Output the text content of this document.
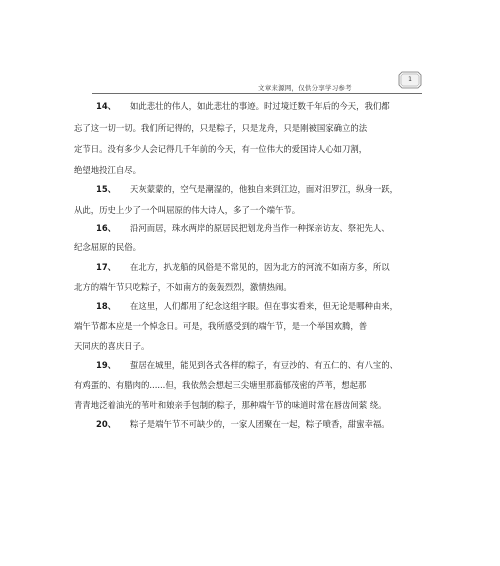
文章来源网，仅供分享学习参考
1
14、 如此悲壮的伟人，如此悲壮的事迹。时过境迁数千年后的今天，我们都
忘了这一切一切。我们所记得的，只是粽子，只是龙舟，只是刚被国家确立的法
定节日。没有多少人会记得几千年前的今天，有一位伟大的爱国诗人心如刀割，
绝望地投江自尽。
15、 天灰蒙蒙的，空气是潮湿的，他独自来到江边，面对汨罗江，纵身一跃，
从此，历史上少了一个叫屈原的伟大诗人，多了一个端午节。
16、 沿河而居，珠水两岸的原居民把划龙舟当作一种探亲访友、祭祀先人、
纪念屈原的民俗。
17、 在北方，扒龙船的风俗是不常见的，因为北方的河流不如南方多，所以
北方的端午节只吃粽子，不如南方的轰轰烈烈，激情热闹。
18、 在这里，人们都用了纪念这组字眼。但在事实看来，但无论是哪种由来，
端午节都本应是一个悼念日。可是，我所感受到的端午节，是一个举国欢腾，普
天同庆的喜庆日子。
19、 蜇居在城里，能见到各式各样的粽子，有豆沙的、有五仁的、有八宝的、
有鸡蛋的、有腊肉的......但，我依然会想起三尖塘里那蓊郁茂密的芦苇，想起那
青青地泛着油光的苇叶和娘亲手包制的粽子，那种端午节的味道时常在唇齿间萦 绕。
20、 粽子是端午节不可缺少的，一家人团聚在一起，粽子喷香，甜蜜幸福。
